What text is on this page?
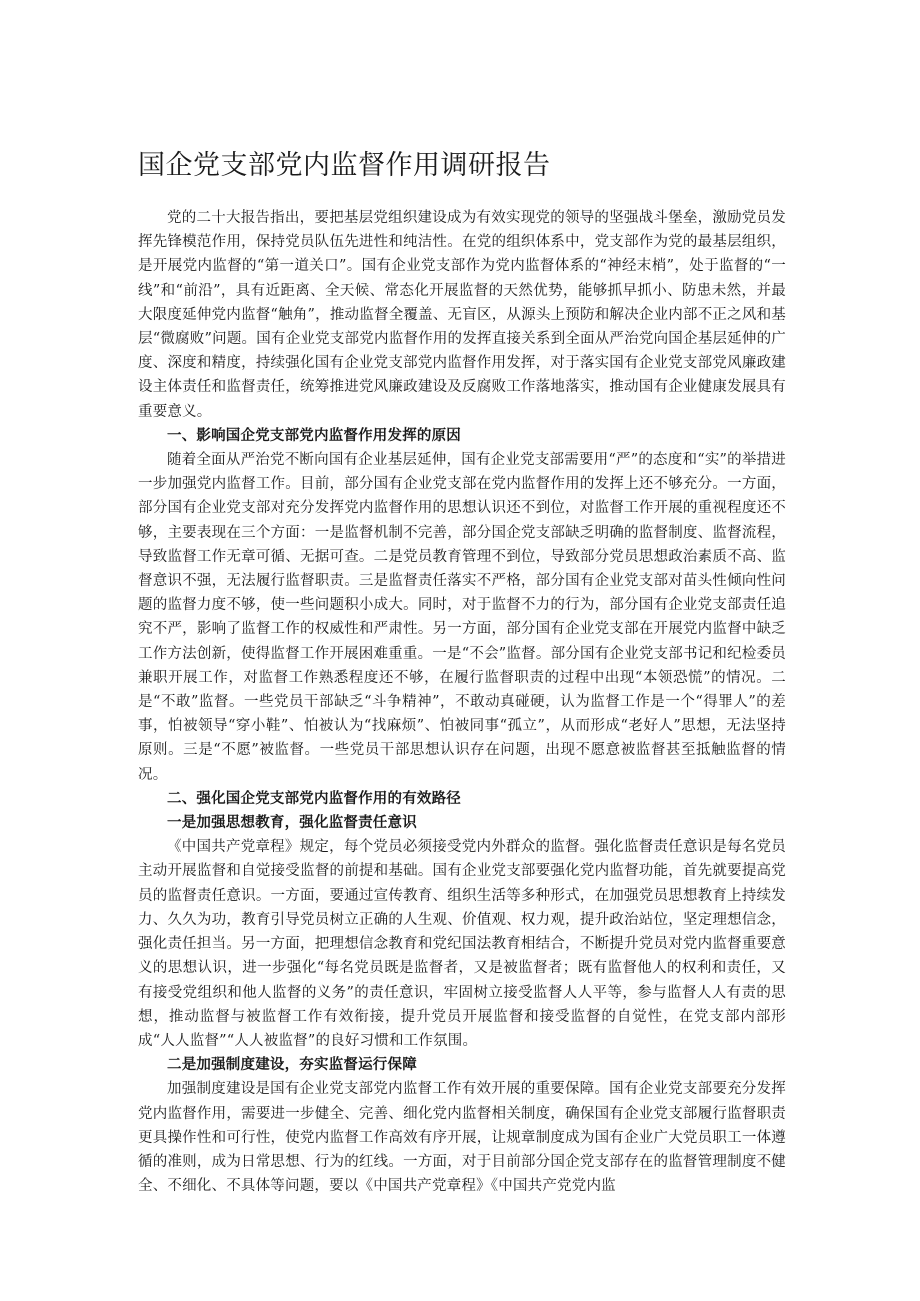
国企党支部党内监督作用调研报告

党的二十大报告指出，要把基层党组织建设成为有效实现党的领导的坚强战斗堡垒，激励党员发挥先锋模范作用，保持党员队伍先进性和纯洁性。在党的组织体系中，党支部作为党的最基层组织，是开展党内监督的“第一道关口”。国有企业党支部作为党内监督体系的“神经末梢”，处于监督的“一线”和“前沿”，具有近距离、全天候、常态化开展监督的天然优势，能够抓早抓小、防患未然，并最大限度延伸党内监督“触角”，推动监督全覆盖、无盲区，从源头上预防和解决企业内部不正之风和基层“微腐败”问题。国有企业党支部党内监督作用的发挥直接关系到全面从严治党向国企基层延伸的广度、深度和精度，持续强化国有企业党支部党内监督作用发挥，对于落实国有企业党支部党风廉政建设主体责任和监督责任，统筹推进党风廉政建设及反腐败工作落地落实，推动国有企业健康发展具有重要意义。

一、影响国企党支部党内监督作用发挥的原因

随着全面从严治党不断向国有企业基层延伸，国有企业党支部需要用“严”的态度和“实”的举措进一步加强党内监督工作。目前，部分国有企业党支部在党内监督作用的发挥上还不够充分。一方面，部分国有企业党支部对充分发挥党内监督作用的思想认识还不到位，对监督工作开展的重视程度还不够，主要表现在三个方面：一是监督机制不完善，部分国企党支部缺乏明确的监督制度、监督流程，导致监督工作无章可循、无据可查。二是党员教育管理不到位，导致部分党员思想政治素质不高、监督意识不强，无法履行监督职责。三是监督责任落实不严格，部分国有企业党支部对苗头性倾向性问题的监督力度不够，使一些问题积小成大。同时，对于监督不力的行为，部分国有企业党支部责任追究不严，影响了监督工作的权威性和严肃性。另一方面，部分国有企业党支部在开展党内监督中缺乏工作方法创新，使得监督工作开展困难重重。一是“不会”监督。部分国有企业党支部书记和纪检委员兼职开展工作，对监督工作熟悉程度还不够，在履行监督职责的过程中出现“本领恐慌”的情况。二是“不敢”监督。一些党员干部缺乏“斗争精神”，不敢动真碰硬，认为监督工作是一个“得罪人”的差事，怕被领导“穿小鞋”、怕被认为“找麻烦”、怕被同事“孤立”，从而形成“老好人”思想，无法坚持原则。三是“不愿”被监督。一些党员干部思想认识存在问题，出现不愿意被监督甚至抵触监督的情况。

二、强化国企党支部党内监督作用的有效路径

一是加强思想教育，强化监督责任意识

《中国共产党章程》规定，每个党员必须接受党内外群众的监督。强化监督责任意识是每名党员主动开展监督和自觉接受监督的前提和基础。国有企业党支部要强化党内监督功能，首先就要提高党员的监督责任意识。一方面，要通过宣传教育、组织生活等多种形式，在加强党员思想教育上持续发力、久久为功，教育引导党员树立正确的人生观、价值观、权力观，提升政治站位，坚定理想信念，强化责任担当。另一方面，把理想信念教育和党纪国法教育相结合，不断提升党员对党内监督重要意义的思想认识，进一步强化“每名党员既是监督者，又是被监督者；既有监督他人的权利和责任，又有接受党组织和他人监督的义务”的责任意识，牢固树立接受监督人人平等，参与监督人人有责的思想，推动监督与被监督工作有效衔接，提升党员开展监督和接受监督的自觉性，在党支部内部形成“人人监督”“人人被监督”的良好习惯和工作氛围。

二是加强制度建设，夯实监督运行保障

加强制度建设是国有企业党支部党内监督工作有效开展的重要保障。国有企业党支部要充分发挥党内监督作用，需要进一步健全、完善、细化党内监督相关制度，确保国有企业党支部履行监督职责更具操作性和可行性，使党内监督工作高效有序开展，让规章制度成为国有企业广大党员职工一体遵循的准则，成为日常思想、行为的红线。一方面，对于目前部分国企党支部存在的监督管理制度不健全、不细化、不具体等问题，要以《中国共产党章程》《中国共产党党内监
